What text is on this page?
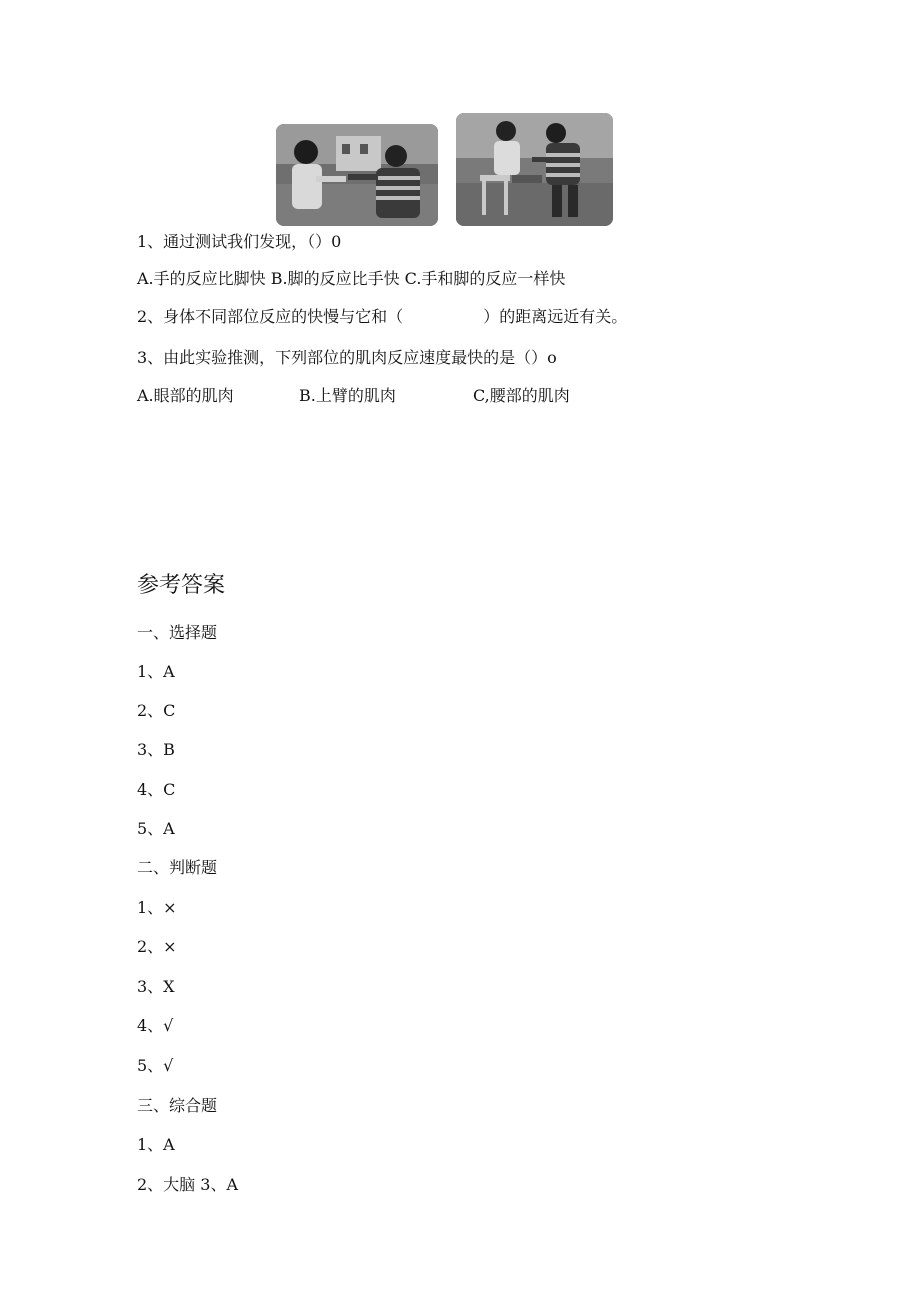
1、通过测试我们发现，（）0
A.手的反应比脚快 B.脚的反应比手快 C.手和脚的反应一样快
2、身体不同部位反应的快慢与它和（	）的距离远近有关。
3、由此实验推测，下列部位的肌肉反应速度最快的是（）o
A.眼部的肌肉	B.上臂的肌肉	C,腰部的肌肉
参考答案
一、选择题
1、A
2、C
3、B
4、C
5、A
二、判断题
1、×
2、×
3、X
4、√
5、√
三、综合题
1、A
2、大脑 3、A
